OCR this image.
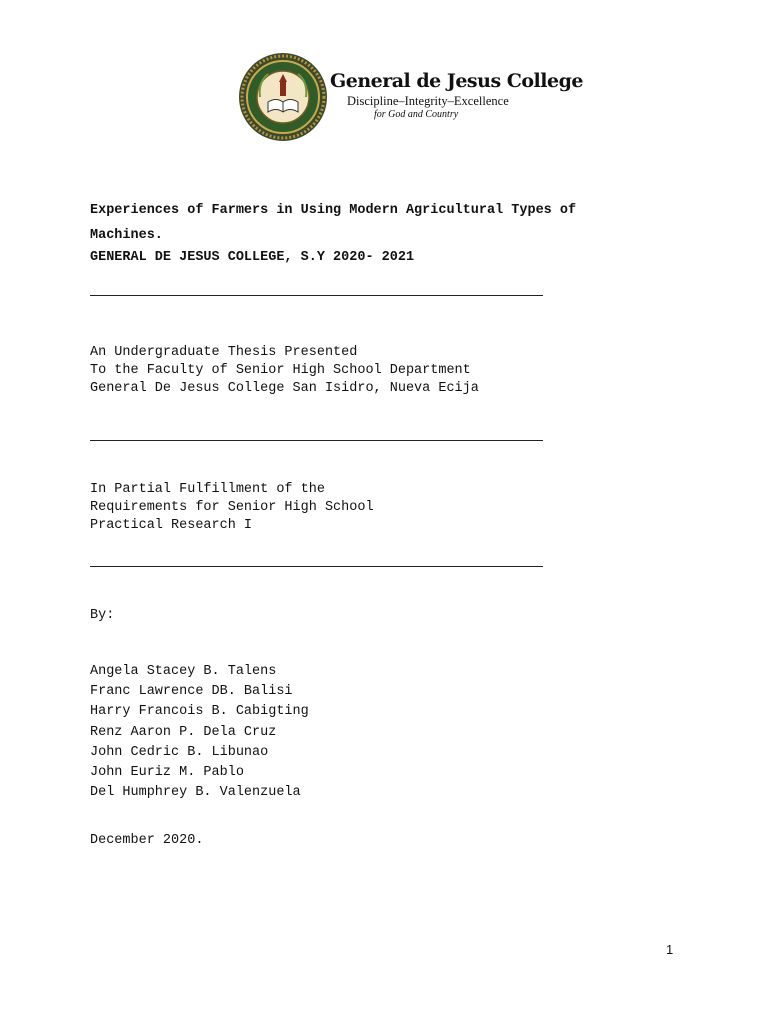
General de Jesus College
Discipline–Integrity–Excellence
for God and Country
Experiences of Farmers in Using Modern Agricultural Types of
Machines.
GENERAL DE JESUS COLLEGE, S.Y 2020- 2021
An Undergraduate Thesis Presented
To the Faculty of Senior High School Department
General De Jesus College San Isidro, Nueva Ecija
In Partial Fulfillment of the
Requirements for Senior High School
Practical Research I
By:
Angela Stacey B. Talens
Franc Lawrence DB. Balisi
Harry Francois B. Cabigting
Renz Aaron P. Dela Cruz
John Cedric B. Libunao
John Euriz M. Pablo
Del Humphrey B. Valenzuela
December 2020.
1
